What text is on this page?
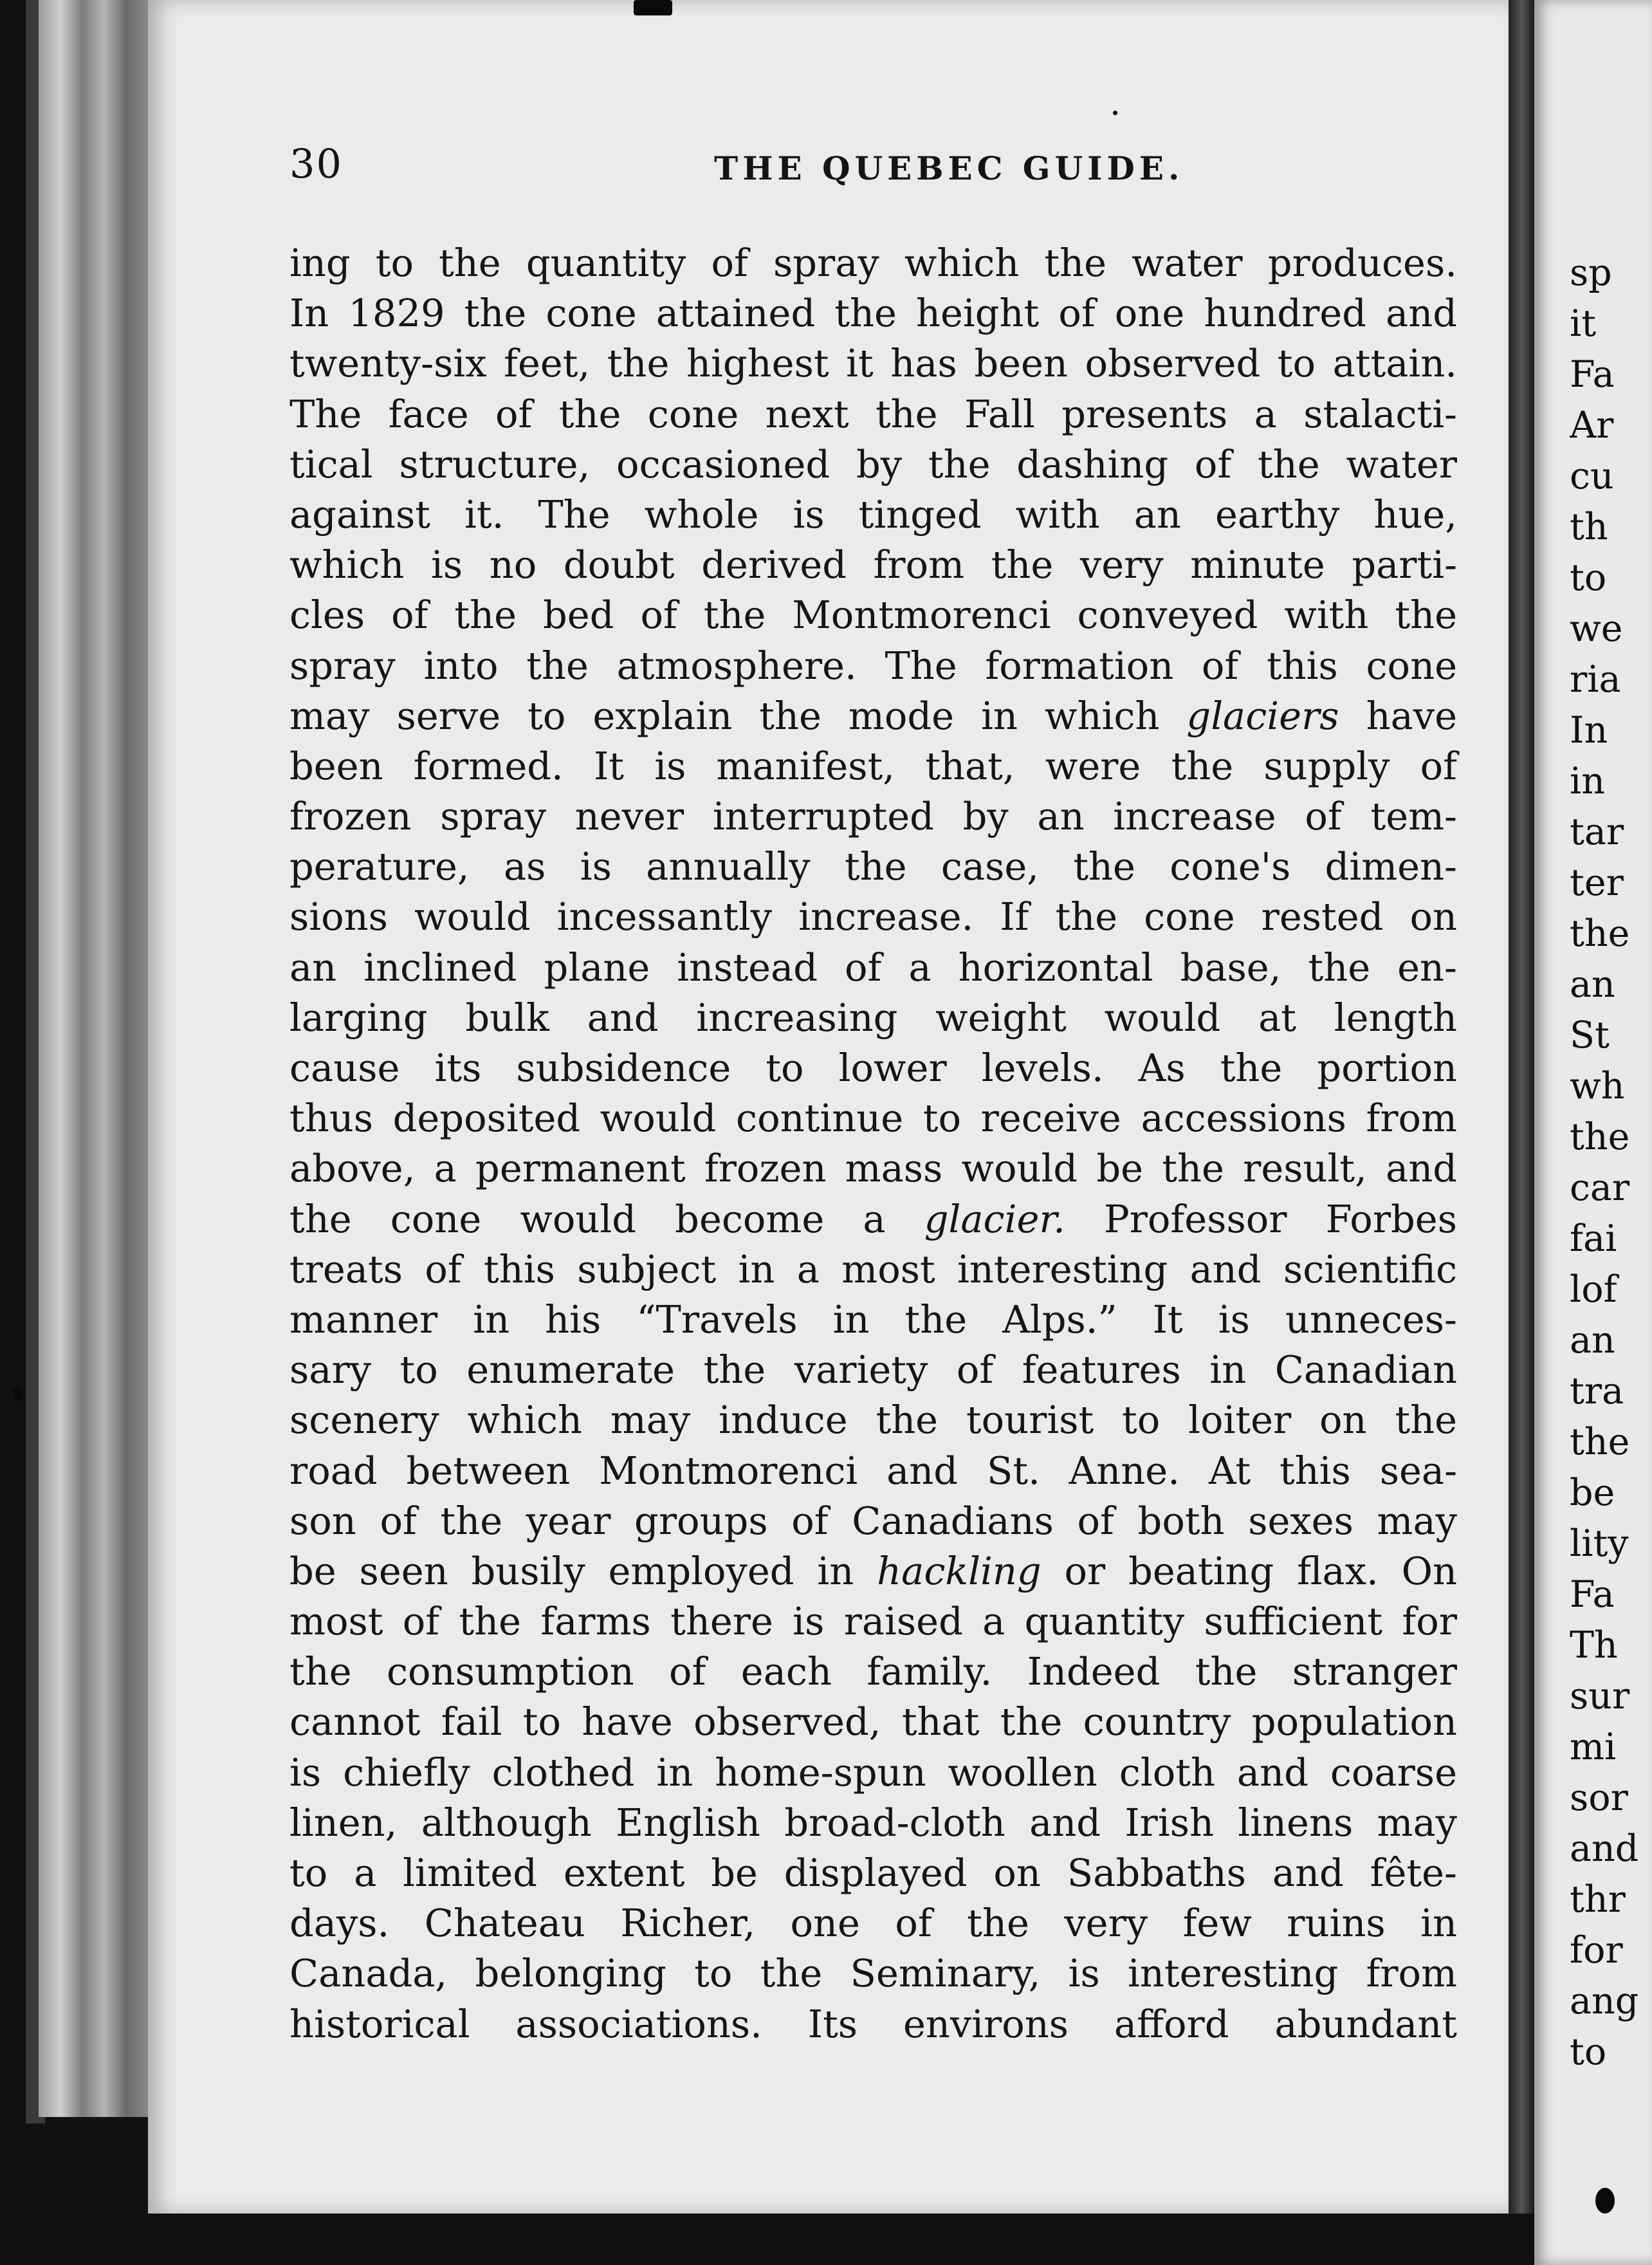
sp
it
Fa
Ar
cu
th
to
we
ria
In
in
tar
ter
the
an
St
wh
the
car
fai
lof
an
tra
the
be
lity
Fa
Th
sur
mi
sor
and
thr
for
ang
to
30	THE QUEBEC GUIDE.
ing to the quantity of spray which the water produces.
In 1829 the cone attained the height of one hundred and
twenty-six feet, the highest it has been observed to attain.
The face of the cone next the Fall presents a stalacti-
tical structure, occasioned by the dashing of the water
against it. The whole is tinged with an earthy hue,
which is no doubt derived from the very minute parti-
cles of the bed of the Montmorenci conveyed with the
spray into the atmosphere. The formation of this cone
may serve to explain the mode in which glaciers have
been formed. It is manifest, that, were the supply of
frozen spray never interrupted by an increase of tem-
perature, as is annually the case, the cone's dimen-
sions would incessantly increase. If the cone rested on
an inclined plane instead of a horizontal base, the en-
larging bulk and increasing weight would at length
cause its subsidence to lower levels. As the portion
thus deposited would continue to receive accessions from
above, a permanent frozen mass would be the result, and
the cone would become a glacier. Professor Forbes
treats of this subject in a most interesting and scientific
manner in his “Travels in the Alps.” It is unneces-
sary to enumerate the variety of features in Canadian
scenery which may induce the tourist to loiter on the
road between Montmorenci and St. Anne. At this sea-
son of the year groups of Canadians of both sexes may
be seen busily employed in hackling or beating flax. On
most of the farms there is raised a quantity sufficient for
the consumption of each family. Indeed the stranger
cannot fail to have observed, that the country population
is chiefly clothed in home-spun woollen cloth and coarse
linen, although English broad-cloth and Irish linens may
to a limited extent be displayed on Sabbaths and fête-
days. Chateau Richer, one of the very few ruins in
Canada, belonging to the Seminary, is interesting from
historical associations. Its environs afford abundant
